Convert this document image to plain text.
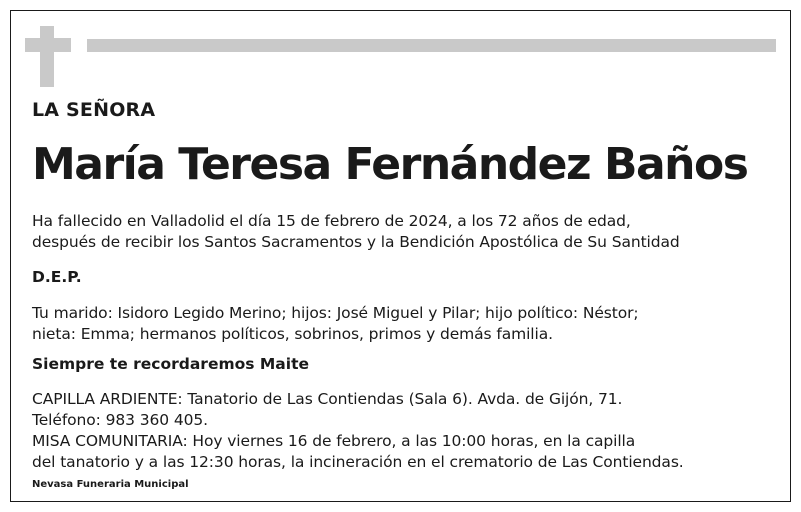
LA SEÑORA
María Teresa Fernández Baños
Ha fallecido en Valladolid el día 15 de febrero de 2024, a los 72 años de edad,
después de recibir los Santos Sacramentos y la Bendición Apostólica de Su Santidad
D.E.P.
Tu marido: Isidoro Legido Merino; hijos: José Miguel y Pilar; hijo político: Néstor;
nieta: Emma; hermanos políticos, sobrinos, primos y demás familia.
Siempre te recordaremos Maite
CAPILLA ARDIENTE: Tanatorio de Las Contiendas (Sala 6). Avda. de Gijón, 71.
Teléfono: 983 360 405.
MISA COMUNITARIA: Hoy viernes 16 de febrero, a las 10:00 horas, en la capilla
del tanatorio y a las 12:30 horas, la incineración en el crematorio de Las Contiendas.
Nevasa Funeraria Municipal
